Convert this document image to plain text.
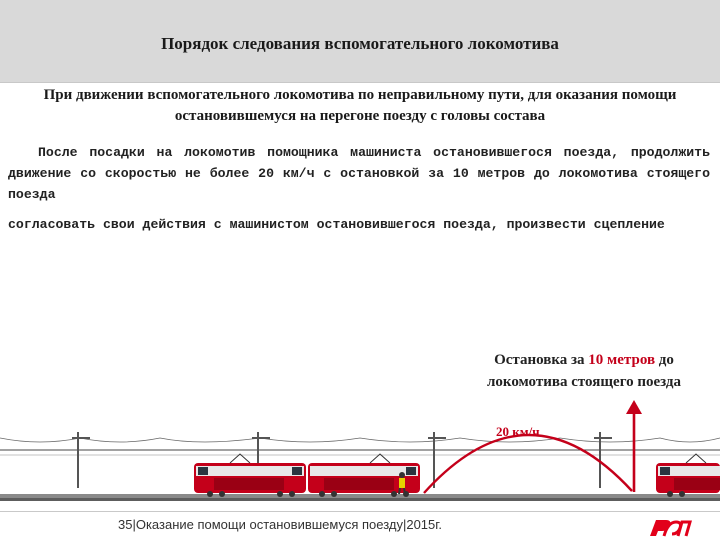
Порядок следования вспомогательного локомотива
При движении вспомогательного локомотива по неправильному пути, для оказания помощи остановившемуся на перегоне поезду с головы состава
После посадки на локомотив помощника машиниста остановившегося поезда, продолжить движение со скоростью не более 20 км/ч с остановкой за 10 метров до локомотива стоящего поезда
согласовать свои действия с машинистом остановившегося поезда, произвести сцепление
Остановка за 10 метров до
локомотива стоящего поезда
20 км/ч
35|Оказание помощи остановившемуся поезду|2015г.
